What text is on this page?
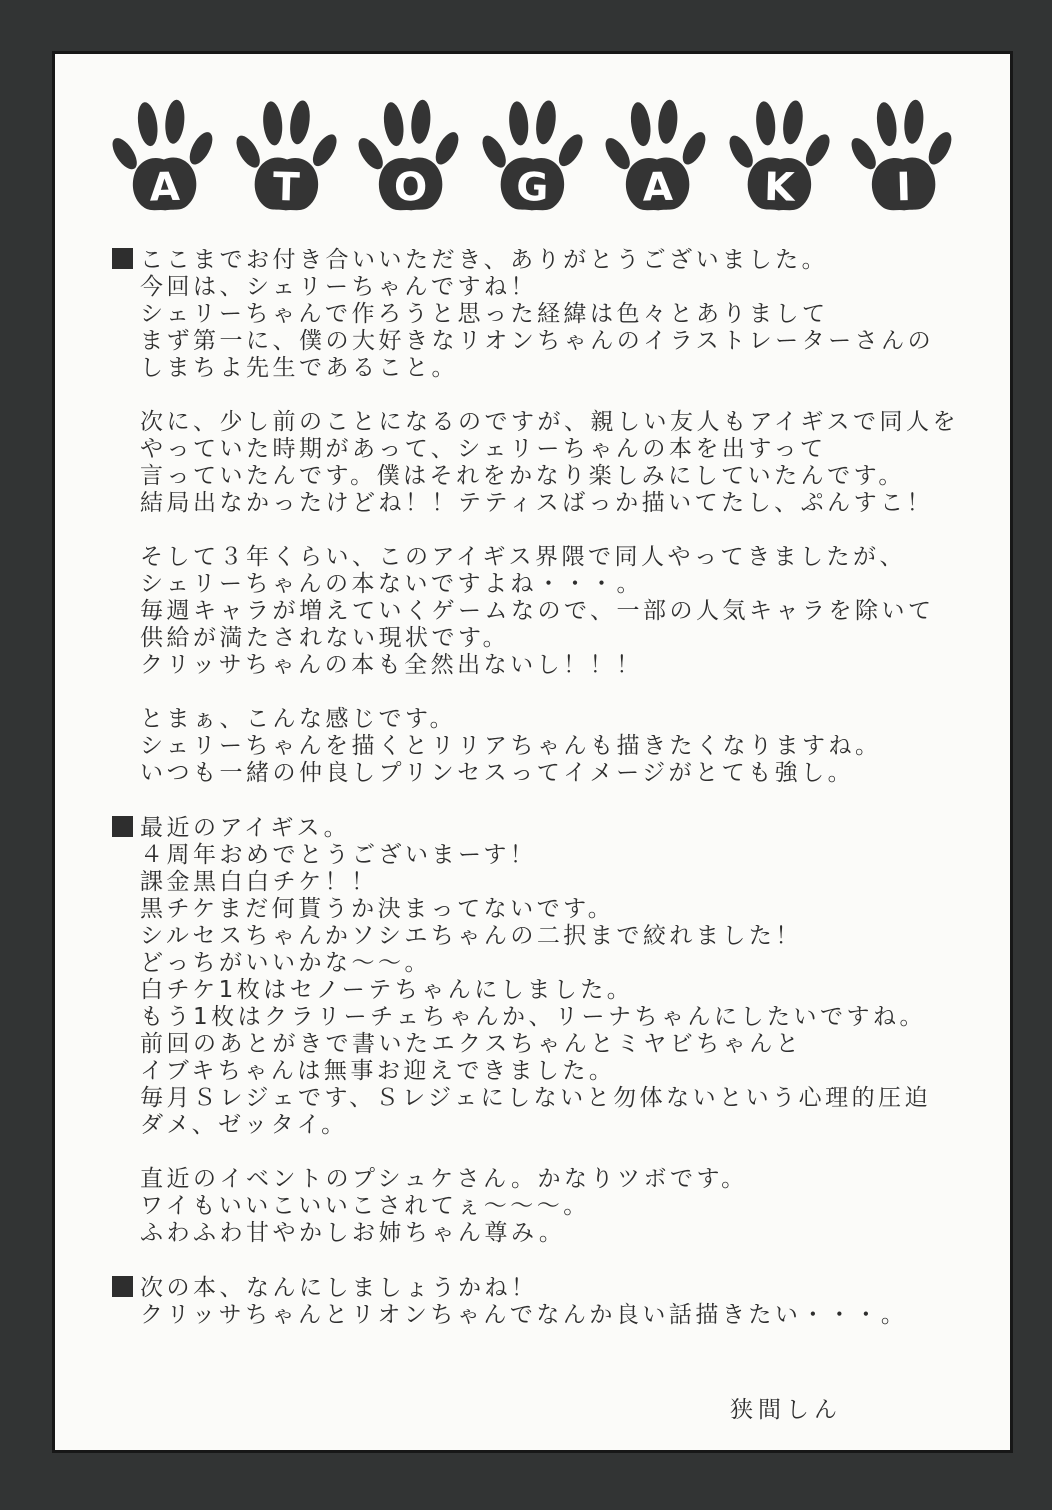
A T O G A K I
ここまでお付き合いいただき、ありがとうございました。
今回は、シェリーちゃんですね！
シェリーちゃんで作ろうと思った経緯は色々とありまして
まず第一に、僕の大好きなリオンちゃんのイラストレーターさんの
しまちよ先生であること。
次に、少し前のことになるのですが、親しい友人もアイギスで同人を
やっていた時期があって、シェリーちゃんの本を出すって
言っていたんです。僕はそれをかなり楽しみにしていたんです。
結局出なかったけどね！！テティスばっか描いてたし、ぷんすこ！
そして３年くらい、このアイギス界隈で同人やってきましたが、
シェリーちゃんの本ないですよね・・・。
毎週キャラが増えていくゲームなので、一部の人気キャラを除いて
供給が満たされない現状です。
クリッサちゃんの本も全然出ないし！！！
とまぁ、こんな感じです。
シェリーちゃんを描くとリリアちゃんも描きたくなりますね。
いつも一緒の仲良しプリンセスってイメージがとても強し。
最近のアイギス。
４周年おめでとうございまーす！
課金黒白白チケ！！
黒チケまだ何貰うか決まってないです。
シルセスちゃんかソシエちゃんの二択まで絞れました！
どっちがいいかな～～。
白チケ1枚はセノーテちゃんにしました。
もう1枚はクラリーチェちゃんか、リーナちゃんにしたいですね。
前回のあとがきで書いたエクスちゃんとミヤビちゃんと
イブキちゃんは無事お迎えできました。
毎月Ｓレジェです、Ｓレジェにしないと勿体ないという心理的圧迫
ダメ、ゼッタイ。
直近のイベントのプシュケさん。かなりツボです。
ワイもいいこいいこされてぇ～～～。
ふわふわ甘やかしお姉ちゃん尊み。
次の本、なんにしましょうかね！
クリッサちゃんとリオンちゃんでなんか良い話描きたい・・・。
狭間しん
